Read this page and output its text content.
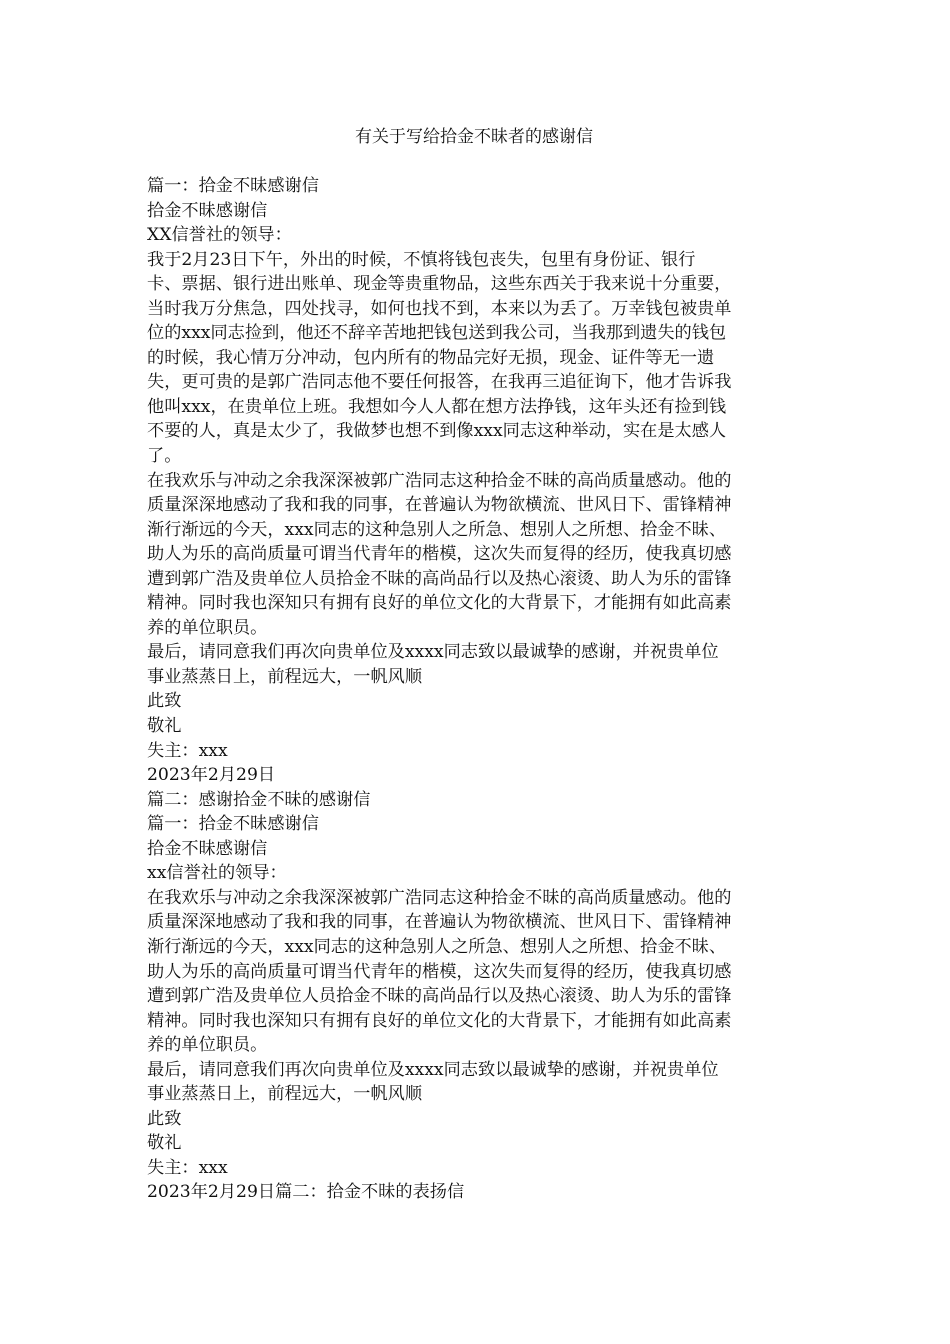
有关于写给拾金不昧者的感谢信

篇一：拾金不昧感谢信

拾金不昧感谢信

XX信誉社的领导：

我于2月23日下午，外出的时候，不慎将钱包丧失，包里有身份证、银行

卡、票据、银行进出账单、现金等贵重物品，这些东西关于我来说十分重要，

当时我万分焦急，四处找寻，如何也找不到，本来以为丢了。万幸钱包被贵单

位的xxx同志捡到，他还不辞辛苦地把钱包送到我公司，当我那到遗失的钱包

的时候，我心情万分冲动，包内所有的物品完好无损，现金、证件等无一遗

失，更可贵的是郭广浩同志他不要任何报答，在我再三追征询下，他才告诉我

他叫xxx，在贵单位上班。我想如今人人都在想方法挣钱，这年头还有捡到钱

不要的人，真是太少了，我做梦也想不到像xxx同志这种举动，实在是太感人

了。

在我欢乐与冲动之余我深深被郭广浩同志这种拾金不昧的高尚质量感动。他的

质量深深地感动了我和我的同事，在普遍认为物欲横流、世风日下、雷锋精神

渐行渐远的今天，xxx同志的这种急别人之所急、想别人之所想、拾金不昧、

助人为乐的高尚质量可谓当代青年的楷模，这次失而复得的经历，使我真切感

遭到郭广浩及贵单位人员拾金不昧的高尚品行以及热心滚烫、助人为乐的雷锋

精神。同时我也深知只有拥有良好的单位文化的大背景下，才能拥有如此高素

养的单位职员。

最后，请同意我们再次向贵单位及xxxx同志致以最诚挚的感谢，并祝贵单位

事业蒸蒸日上，前程远大，一帆风顺

此致

敬礼

失主：xxx

2023年2月29日

篇二：感谢拾金不昧的感谢信

篇一：拾金不昧感谢信

拾金不昧感谢信

xx信誉社的领导：

在我欢乐与冲动之余我深深被郭广浩同志这种拾金不昧的高尚质量感动。他的

质量深深地感动了我和我的同事，在普遍认为物欲横流、世风日下、雷锋精神

渐行渐远的今天，xxx同志的这种急别人之所急、想别人之所想、拾金不昧、

助人为乐的高尚质量可谓当代青年的楷模，这次失而复得的经历，使我真切感

遭到郭广浩及贵单位人员拾金不昧的高尚品行以及热心滚烫、助人为乐的雷锋

精神。同时我也深知只有拥有良好的单位文化的大背景下，才能拥有如此高素

养的单位职员。

最后，请同意我们再次向贵单位及xxxx同志致以最诚挚的感谢，并祝贵单位

事业蒸蒸日上，前程远大，一帆风顺

此致

敬礼

失主：xxx

2023年2月29日篇二：拾金不昧的表扬信
